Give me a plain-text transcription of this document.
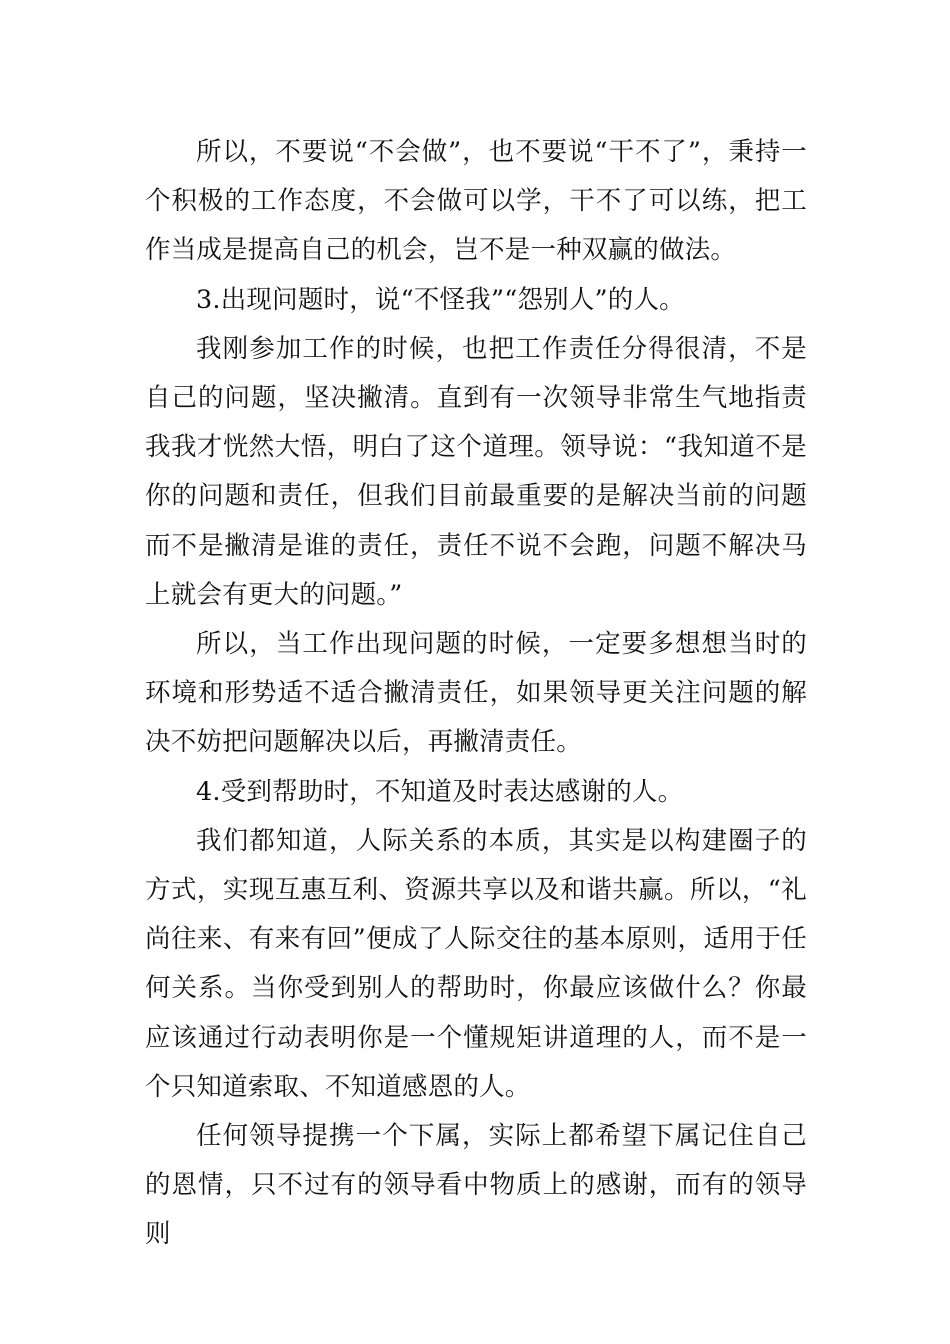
所以，不要说“不会做”，也不要说“干不了”，秉持一个积极的工作态度，不会做可以学，干不了可以练，把工作当成是提高自己的机会，岂不是一种双赢的做法。

3.出现问题时，说“不怪我”“怨别人”的人。

我刚参加工作的时候，也把工作责任分得很清，不是自己的问题，坚决撇清。直到有一次领导非常生气地指责我我才恍然大悟，明白了这个道理。领导说：“我知道不是你的问题和责任，但我们目前最重要的是解决当前的问题而不是撇清是谁的责任，责任不说不会跑，问题不解决马上就会有更大的问题。”

所以，当工作出现问题的时候，一定要多想想当时的环境和形势适不适合撇清责任，如果领导更关注问题的解决不妨把问题解决以后，再撇清责任。

4.受到帮助时，不知道及时表达感谢的人。

我们都知道，人际关系的本质，其实是以构建圈子的方式，实现互惠互利、资源共享以及和谐共赢。所以，“礼尚往来、有来有回”便成了人际交往的基本原则，适用于任何关系。当你受到别人的帮助时，你最应该做什么？你最应该通过行动表明你是一个懂规矩讲道理的人，而不是一个只知道索取、不知道感恩的人。

任何领导提携一个下属，实际上都希望下属记住自己的恩情，只不过有的领导看中物质上的感谢，而有的领导则
